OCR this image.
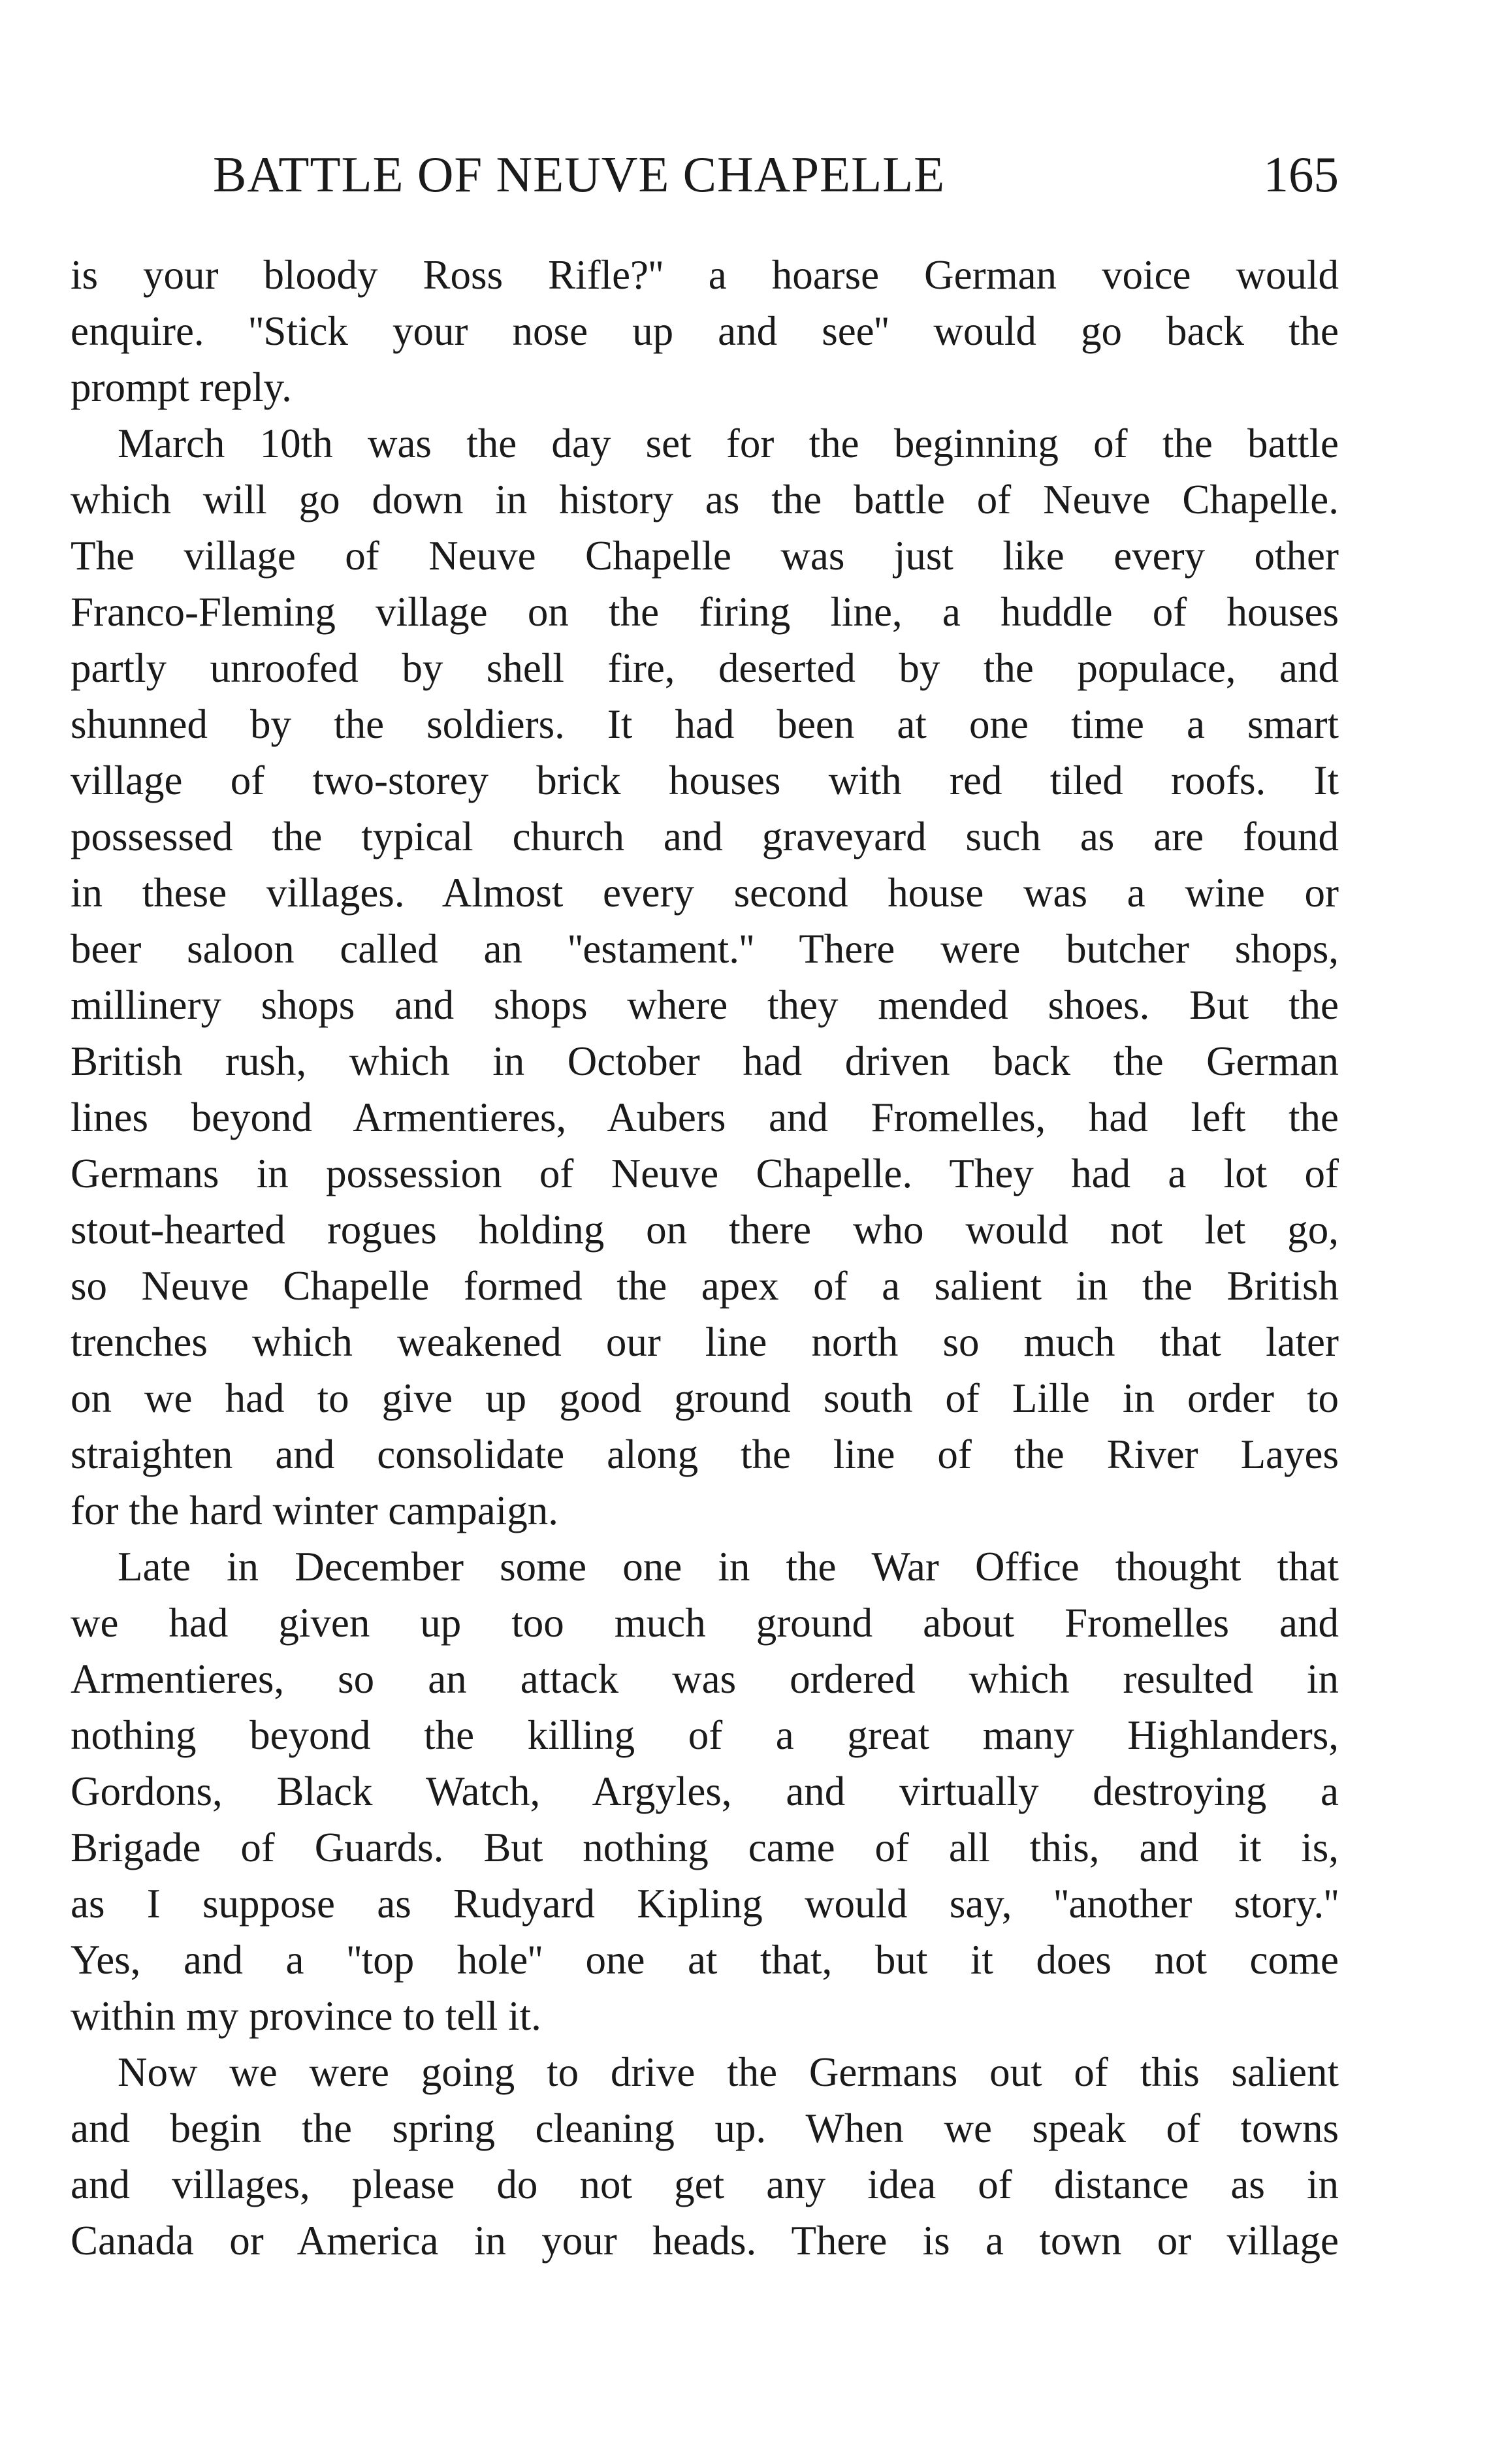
BATTLE OF NEUVE CHAPELLE	165
is your bloody Ross Rifle?'' a hoarse German voice would
enquire. ''Stick your nose up and see'' would go back the
prompt reply.
March 10th was the day set for the beginning of the battle
which will go down in history as the battle of Neuve Chapelle.
The village of Neuve Chapelle was just like every other
Franco-Fleming village on the firing line, a huddle of houses
partly unroofed by shell fire, deserted by the populace, and
shunned by the soldiers. It had been at one time a smart
village of two-storey brick houses with red tiled roofs. It
possessed the typical church and graveyard such as are found
in these villages. Almost every second house was a wine or
beer saloon called an ''estament.'' There were butcher shops,
millinery shops and shops where they mended shoes. But the
British rush, which in October had driven back the German
lines beyond Armentieres, Aubers and Fromelles, had left the
Germans in possession of Neuve Chapelle. They had a lot of
stout-hearted rogues holding on there who would not let go,
so Neuve Chapelle formed the apex of a salient in the British
trenches which weakened our line north so much that later
on we had to give up good ground south of Lille in order to
straighten and consolidate along the line of the River Layes
for the hard winter campaign.
Late in December some one in the War Office thought that
we had given up too much ground about Fromelles and
Armentieres, so an attack was ordered which resulted in
nothing beyond the killing of a great many Highlanders,
Gordons, Black Watch, Argyles, and virtually destroying a
Brigade of Guards. But nothing came of all this, and it is,
as I suppose as Rudyard Kipling would say, ''another story.''
Yes, and a ''top hole'' one at that, but it does not come
within my province to tell it.
Now we were going to drive the Germans out of this salient
and begin the spring cleaning up. When we speak of towns
and villages, please do not get any idea of distance as in
Canada or America in your heads. There is a town or village
